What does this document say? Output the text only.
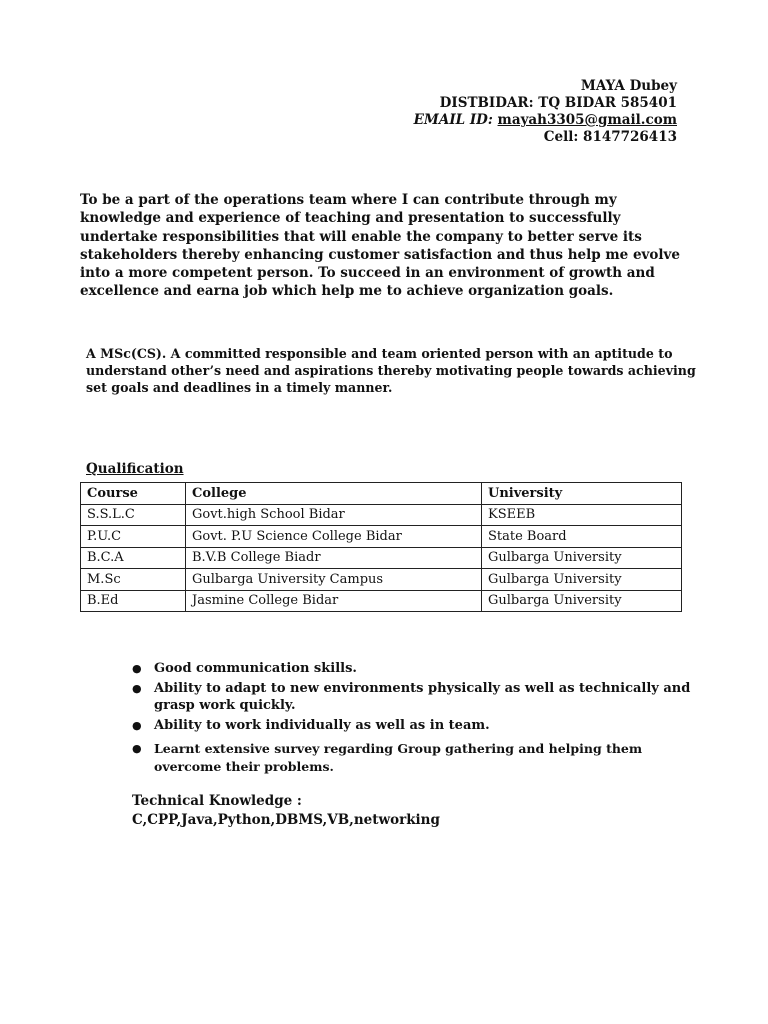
MAYA Dubey
DISTBIDAR: TQ BIDAR 585401
EMAIL ID: mayah3305@gmail.com
Cell: 8147726413
To be a part of the operations team where I can contribute through my knowledge and experience of teaching and presentation to successfully undertake responsibilities that will enable the company to better serve its stakeholders thereby enhancing customer satisfaction and thus help me evolve into a more competent person. To succeed in an environment of growth and excellence and earna job which help me to achieve organization goals.
A MSc(CS). A committed responsible and team oriented person with an aptitude to understand other’s need and aspirations thereby motivating people towards achieving set goals and deadlines in a timely manner.
Qualification
Course	College	University
S.S.L.C	Govt.high School Bidar	KSEEB
P.U.C	Govt. P.U Science College Bidar	State Board
B.C.A	B.V.B College Biadr	Gulbarga University
M.Sc	Gulbarga University Campus	Gulbarga University
B.Ed	Jasmine College Bidar	Gulbarga University
● Good communication skills.
● Ability to adapt to new environments physically as well as technically and grasp work quickly.
● Ability to work individually as well as in team.
● Learnt extensive survey regarding Group gathering and helping them overcome their problems.
Technical Knowledge :
C,CPP,Java,Python,DBMS,VB,networking
